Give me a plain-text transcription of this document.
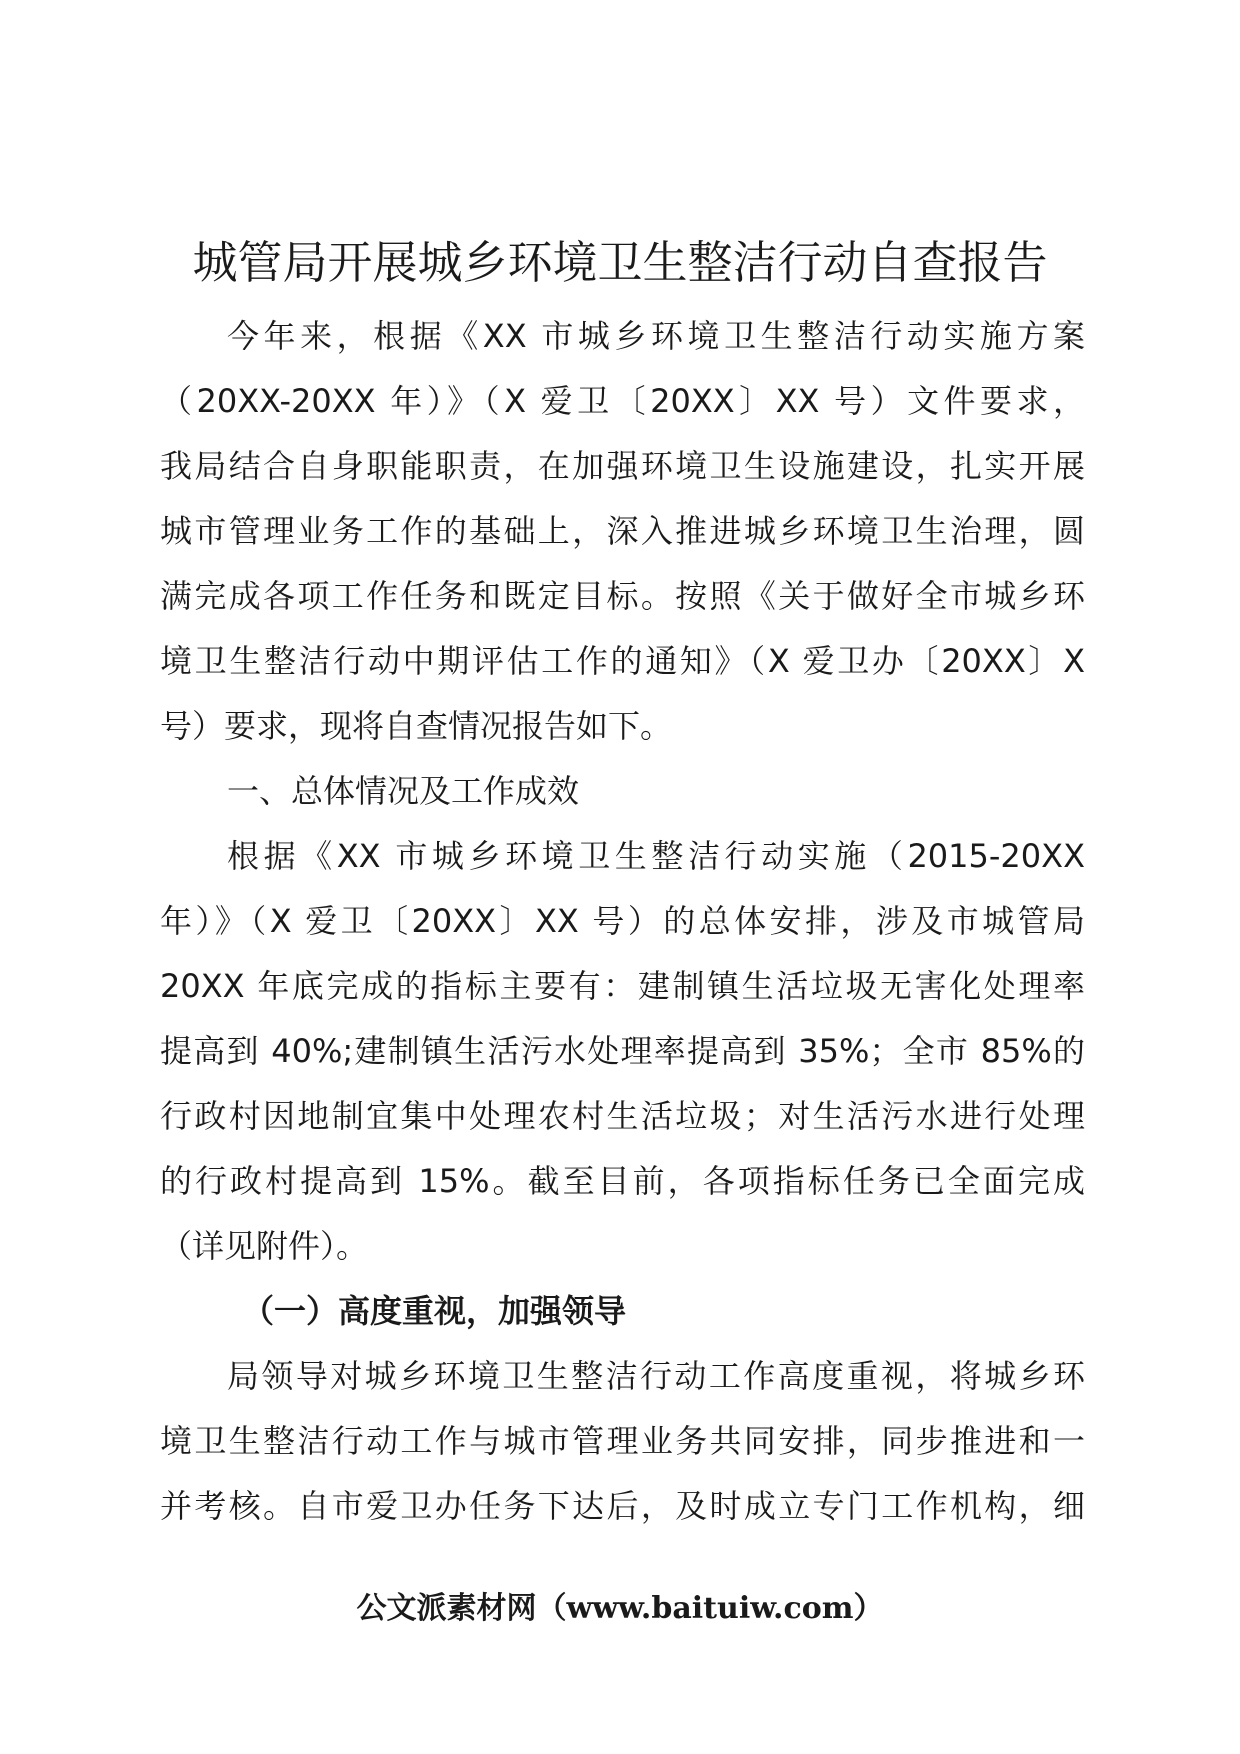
城管局开展城乡环境卫生整洁行动自查报告
今年来，根据《XX 市城乡环境卫生整洁行动实施方案
（20XX-20XX 年）》（X 爱卫〔20XX〕XX 号）文件要求，
我局结合自身职能职责，在加强环境卫生设施建设，扎实开展
城市管理业务工作的基础上，深入推进城乡环境卫生治理，圆
满完成各项工作任务和既定目标。按照《关于做好全市城乡环
境卫生整洁行动中期评估工作的通知》（X 爱卫办〔20XX〕X
号）要求，现将自查情况报告如下。
一、总体情况及工作成效
根据《XX 市城乡环境卫生整洁行动实施（2015-20XX
年）》（X 爱卫〔20XX〕XX 号）的总体安排，涉及市城管局
20XX 年底完成的指标主要有：建制镇生活垃圾无害化处理率
提高到 40%;建制镇生活污水处理率提高到 35%；全市 85%的
行政村因地制宜集中处理农村生活垃圾；对生活污水进行处理
的行政村提高到 15%。截至目前，各项指标任务已全面完成
（详见附件）。
（一）高度重视，加强领导
局领导对城乡环境卫生整洁行动工作高度重视，将城乡环
境卫生整洁行动工作与城市管理业务共同安排，同步推进和一
并考核。自市爱卫办任务下达后，及时成立专门工作机构，细
公文派素材网（www.baituiw.com）
